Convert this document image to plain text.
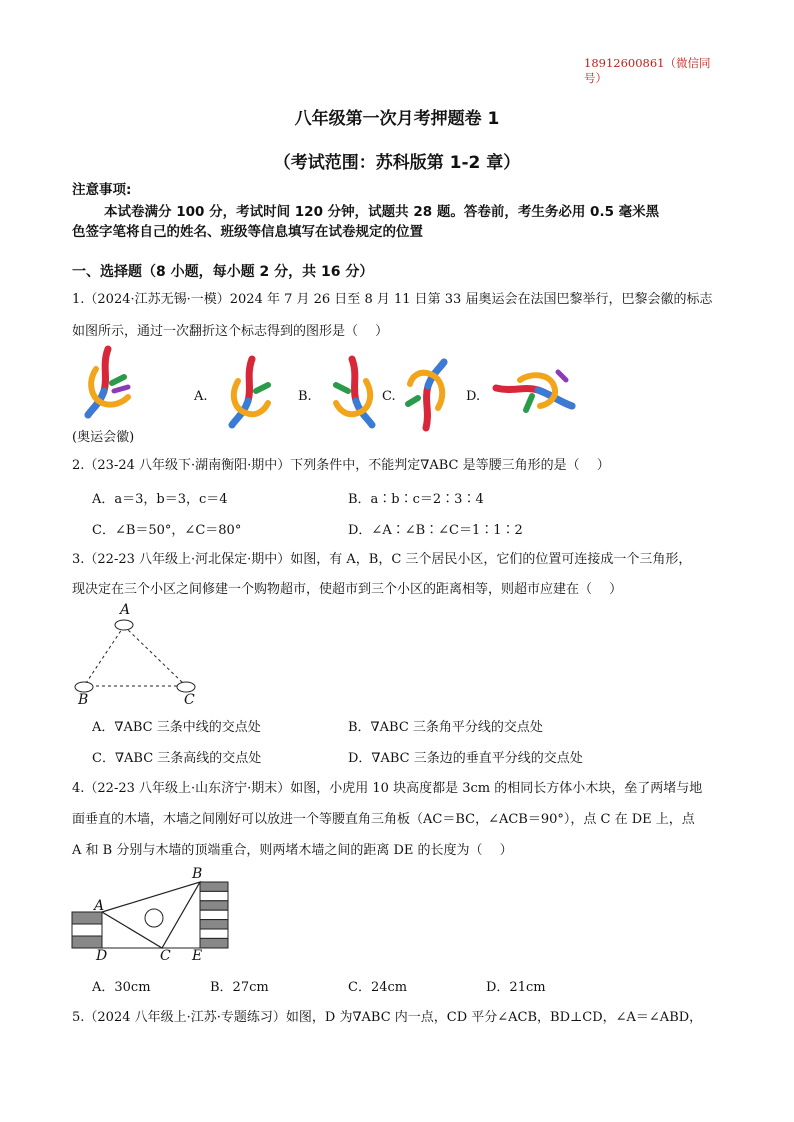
18912600861（微信同号）
八年级第一次月考押题卷 1
（考试范围：苏科版第 1-2 章）
注意事项:
本试卷满分 100 分，考试时间 120 分钟，试题共 28 题。答卷前，考生务必用 0.5 毫米黑
色签字笔将自己的姓名、班级等信息填写在试卷规定的位置
一、选择题（8 小题，每小题 2 分，共 16 分）
1.（2024·江苏无锡·一模）2024 年 7 月 26 日至 8 月 11 日第 33 届奥运会在法国巴黎举行，巴黎会徽的标志
如图所示，通过一次翻折这个标志得到的图形是（　 ）
A.	B.	C.	D.
(奥运会徽)
2.（23-24 八年级下·湖南衡阳·期中）下列条件中，不能判定∇ABC 是等腰三角形的是（　 ）
A．a＝3，b＝3，c＝4	B．a∶b∶c＝2∶3∶4
C．∠B＝50°，∠C＝80°	D．∠A∶∠B∶∠C＝1∶1∶2
3.（22-23 八年级上·河北保定·期中）如图，有 A，B，C 三个居民小区，它们的位置可连接成一个三角形，
现决定在三个小区之间修建一个购物超市，使超市到三个小区的距离相等，则超市应建在（　 ）
A
B	C
A．∇ABC 三条中线的交点处	B．∇ABC 三条角平分线的交点处
C．∇ABC 三条高线的交点处	D．∇ABC 三条边的垂直平分线的交点处
4.（22-23 八年级上·山东济宁·期末）如图，小虎用 10 块高度都是 3cm 的相同长方体小木块，垒了两堵与地
面垂直的木墙，木墙之间刚好可以放进一个等腰直角三角板（AC＝BC，∠ACB＝90°），点 C 在 DE 上，点
A 和 B 分别与木墙的顶端重合，则两堵木墙之间的距离 DE 的长度为（　 ）
A
B
C
D	E
A．30cm	B．27cm	C．24cm	D．21cm
5.（2024 八年级上·江苏·专题练习）如图，D 为∇ABC 内一点，CD 平分∠ACB，BD⊥CD，∠A＝∠ABD，
